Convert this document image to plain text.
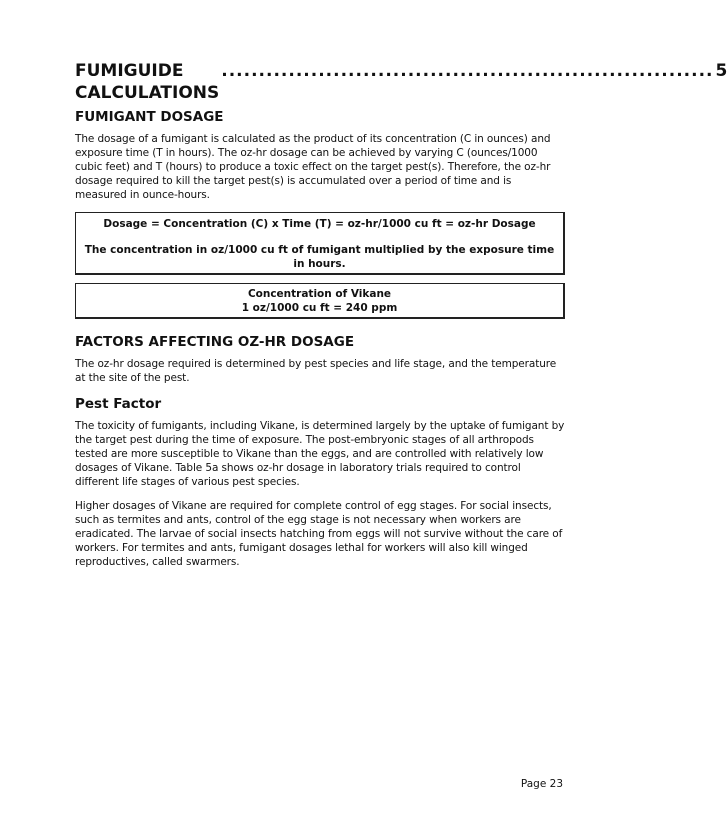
FUMIGUIDE CALCULATIONS
.................................................................. 5
FUMIGANT DOSAGE

The dosage of a fumigant is calculated as the product of its concentration (C in ounces) and exposure time (T in hours). The oz-hr dosage can be achieved by varying C (ounces/1000 cubic feet) and T (hours) to produce a toxic effect on the target pest(s). Therefore, the oz-hr dosage required to kill the target pest(s) is accumulated over a period of time and is measured in ounce-hours.

Dosage = Concentration (C) x Time (T) = oz-hr/1000 cu ft = oz-hr Dosage
The concentration in oz/1000 cu ft of fumigant multiplied by the exposure time in hours.
Concentration of Vikane
1 oz/1000 cu ft = 240 ppm
FACTORS AFFECTING OZ-HR DOSAGE

The oz-hr dosage required is determined by pest species and life stage, and the temperature at the site of the pest.

Pest Factor

The toxicity of fumigants, including Vikane, is determined largely by the uptake of fumigant by the target pest during the time of exposure. The post-embryonic stages of all arthropods tested are more susceptible to Vikane than the eggs, and are controlled with relatively low dosages of Vikane. Table 5a shows oz-hr dosage in laboratory trials required to control different life stages of various pest species.

Higher dosages of Vikane are required for complete control of egg stages. For social insects, such as termites and ants, control of the egg stage is not necessary when workers are eradicated. The larvae of social insects hatching from eggs will not survive without the care of workers. For termites and ants, fumigant dosages lethal for workers will also kill winged reproductives, called swarmers.

Page 23
